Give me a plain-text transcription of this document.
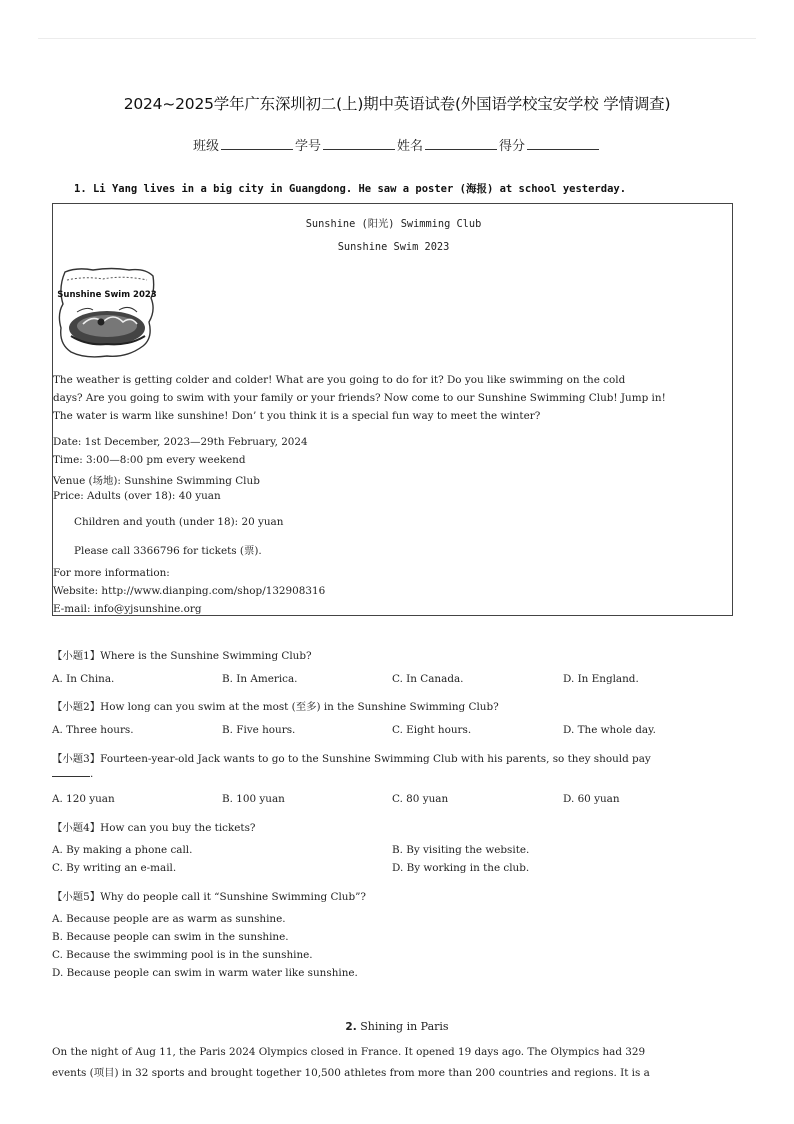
2024~2025学年广东深圳初二(上)期中英语试卷(外国语学校宝安学校 学情调查)
班级	学号	姓名	得分
1. Li Yang lives in a big city in Guangdong. He saw a poster (海报) at school yesterday.
Sunshine (阳光) Swimming Club
Sunshine Swim 2023
Sunshine Swim 2023
The weather is getting colder and colder! What are you going to do for it? Do you like swimming on the cold
days? Are you going to swim with your family or your friends? Now come to our Sunshine Swimming Club! Jump in!
The water is warm like sunshine! Don’ t you think it is a special fun way to meet the winter?
Date: 1st December, 2023—29th February, 2024
Time: 3:00—8:00 pm every weekend
Venue (场地): Sunshine Swimming Club
Price: Adults (over 18): 40 yuan
Children and youth (under 18): 20 yuan
Please call 3366796 for tickets (票).
For more information:
Website: http://www.dianping.com/shop/132908316
E-mail: info@yjsunshine.org
【小题1】Where is the Sunshine Swimming Club?
A. In China.	B. In America.	C. In Canada.	D. In England.
【小题2】How long can you swim at the most (至多) in the Sunshine Swimming Club?
A. Three hours.	B. Five hours.	C. Eight hours.	D. The whole day.
【小题3】Fourteen-year-old Jack wants to go to the Sunshine Swimming Club with his parents, so they should pay
.
A. 120 yuan	B. 100 yuan	C. 80 yuan	D. 60 yuan
【小题4】How can you buy the tickets?
A. By making a phone call.	B. By visiting the website.
C. By writing an e-mail.	D. By working in the club.
【小题5】Why do people call it “Sunshine Swimming Club”?
A. Because people are as warm as sunshine.
B. Because people can swim in the sunshine.
C. Because the swimming pool is in the sunshine.
D. Because people can swim in warm water like sunshine.
2. Shining in Paris
On the night of Aug 11, the Paris 2024 Olympics closed in France. It opened 19 days ago. The Olympics had 329
events (项目) in 32 sports and brought together 10,500 athletes from more than 200 countries and regions. It is a
